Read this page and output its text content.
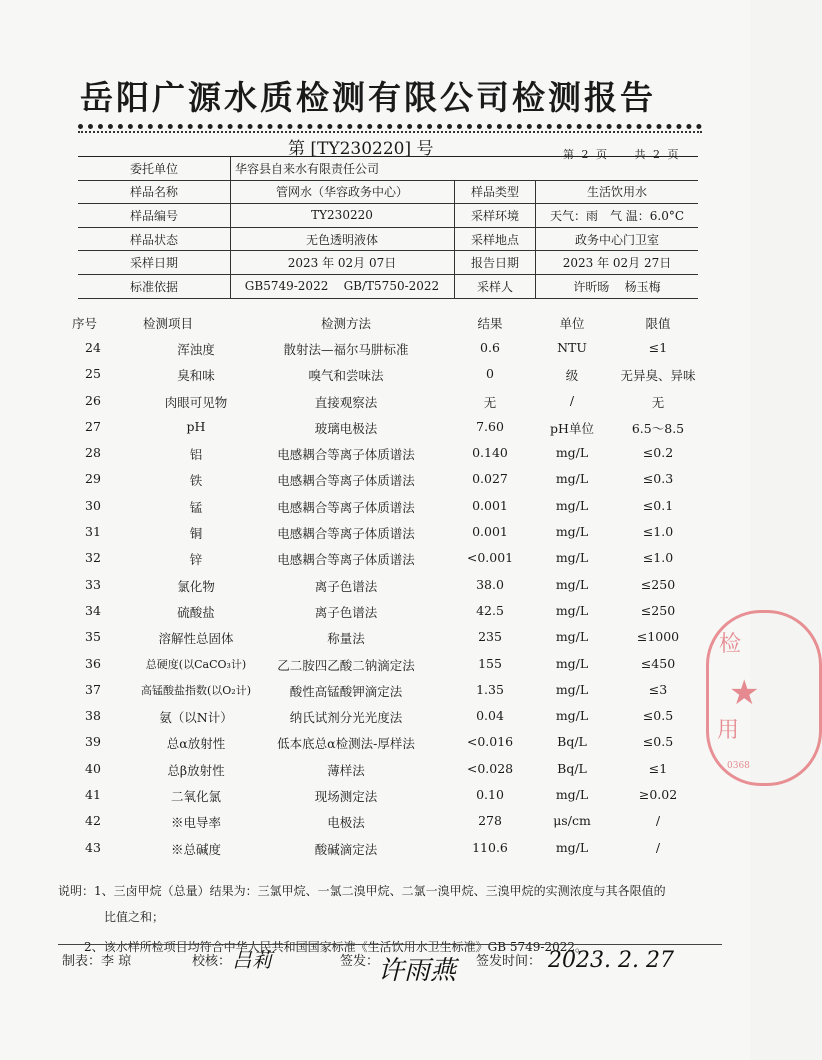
岳阳广源水质检测有限公司检测报告
第 [TY230220] 号	第 2 页	共 2 页
委托单位	华容县自来水有限责任公司
样品名称	管网水（华容政务中心）	样品类型	生活饮用水
样品编号	TY230220	采样环境	天气：雨 气 温：6.0°C
样品状态	无色透明液体	采样地点	政务中心门卫室
采样日期	2023 年 02月 07日	报告日期	2023 年 02月 27日
标准依据	GB5749-2022    GB/T5750-2022	采样人	许昕旸    杨玉梅
序号	检测项目	检测方法	结果	单位	限值
24	浑浊度	散射法—福尔马肼标准	0.6	NTU	≤1
25	臭和味	嗅气和尝味法	0	级	无异臭、异味
26	肉眼可见物	直接观察法	无	/	无
27	pH	玻璃电极法	7.60	pH单位	6.5～8.5
28	铝	电感耦合等离子体质谱法	0.140	mg/L	≤0.2
29	铁	电感耦合等离子体质谱法	0.027	mg/L	≤0.3
30	锰	电感耦合等离子体质谱法	0.001	mg/L	≤0.1
31	铜	电感耦合等离子体质谱法	0.001	mg/L	≤1.0
32	锌	电感耦合等离子体质谱法	<0.001	mg/L	≤1.0
33	氯化物	离子色谱法	38.0	mg/L	≤250
34	硫酸盐	离子色谱法	42.5	mg/L	≤250
35	溶解性总固体	称量法	235	mg/L	≤1000
36	总硬度(以CaCO₃计)	乙二胺四乙酸二钠滴定法	155	mg/L	≤450
37	高锰酸盐指数(以O₂计)	酸性高锰酸钾滴定法	1.35	mg/L	≤3
38	氨（以N计）	纳氏试剂分光光度法	0.04	mg/L	≤0.5
39	总α放射性	低本底总α检测法-厚样法	<0.016	Bq/L	≤0.5
40	总β放射性	薄样法	<0.028	Bq/L	≤1
41	二氧化氯	现场测定法	0.10	mg/L	≥0.02
42	※电导率	电极法	278	μs/cm	/
43	※总碱度	酸碱滴定法	110.6	mg/L	/
说明：1、三卤甲烷（总量）结果为：三氯甲烷、一氯二溴甲烷、二氯一溴甲烷、三溴甲烷的实测浓度与其各限值的
比值之和；
2、该水样所检项目均符合中华人民共和国国家标准《生活饮用水卫生标准》GB 5749-2022。
制表：李 琼	校核： 吕莉	签发：
许雨燕 签发时间： 2023. 2. 27
检
★
用
0368
